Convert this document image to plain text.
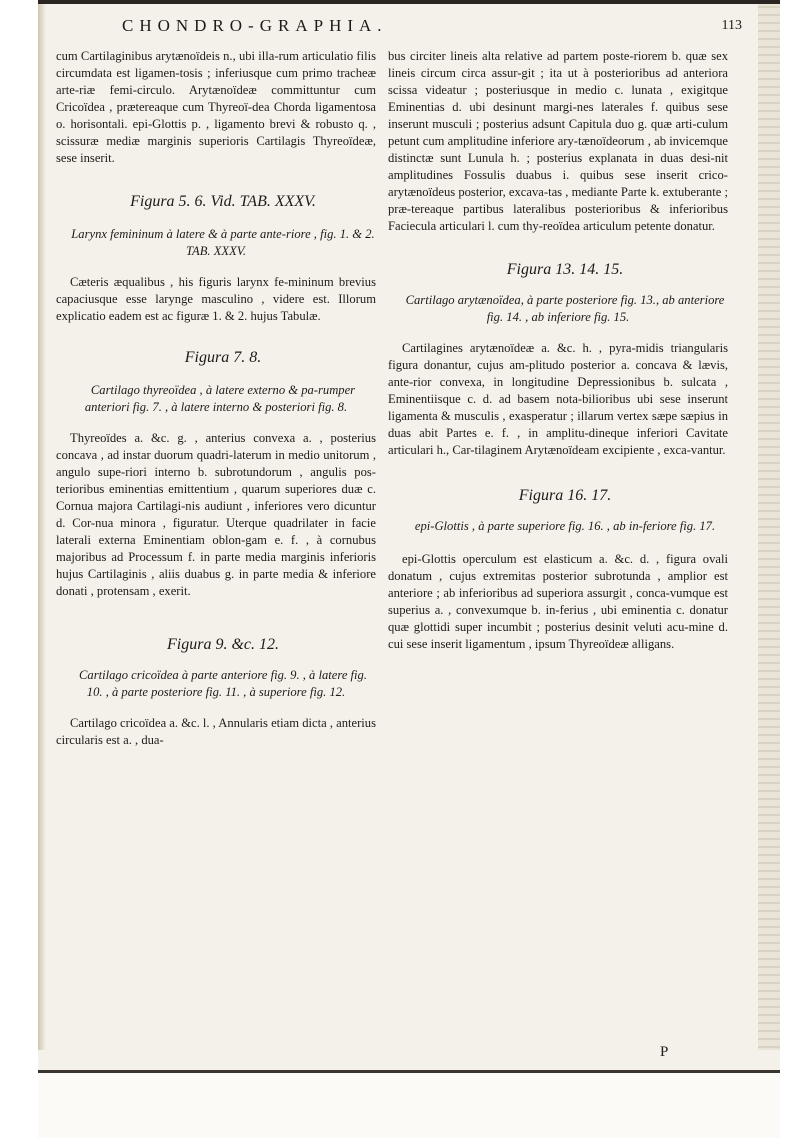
CHONDRO-GRAPHIA.	113

cum Cartilaginibus arytænoïdeis n., ubi illa-rum articulatio filis circumdata est ligamen-tosis ; inferiusque cum primo tracheæ arte-riæ femi-circulo. Arytænoïdeæ committuntur cum Cricoïdea , prætereaque cum Thyreoï-dea Chorda ligamentosa o. horisontali. epi-Glottis p. , ligamento brevi & robusto q. , scissuræ mediæ marginis superioris Cartilagis Thyreoïdeæ, sese inserit.

Figura 5. 6. Vid. TAB. XXXV.

Larynx femininum à latere & à parte ante-riore , fig. 1. & 2. TAB. XXXV.

Cæteris æqualibus , his figuris larynx fe-mininum brevius capaciusque esse larynge masculino , videre est. Illorum explicatio eadem est ac figuræ 1. & 2. hujus Tabulæ.

Figura 7. 8.

Cartilago thyreoïdea , à latere externo & pa-rumper anteriori fig. 7. , à latere interno & posteriori fig. 8.

Thyreoïdes a. &c. g. , anterius convexa a. , posterius concava , ad instar duorum quadri-laterum in medio unitorum , angulo supe-riori interno b. subrotundorum , angulis pos-terioribus eminentias emittentium , quarum superiores duæ c. Cornua majora Cartilagi-nis audiunt , inferiores vero dicuntur d. Cor-nua minora , figuratur. Uterque quadrilater in facie laterali externa Eminentiam oblon-gam e. f. , à cornubus majoribus ad Processum f. in parte media marginis inferioris hujus Cartilaginis , aliis duabus g. in parte media & inferiore donati , protensam , exerit.

Figura 9. &c. 12.

Cartilago cricoïdea à parte anteriore fig. 9. , à latere fig. 10. , à parte posteriore fig. 11. , à superiore fig. 12.

Cartilago cricoïdea a. &c. l. , Annularis etiam dicta , anterius circularis est a. , dua-

bus circiter lineis alta relative ad partem poste-riorem b. quæ sex lineis circum circa assur-git ; ita ut à posterioribus ad anteriora scissa videatur ; posteriusque in medio c. lunata , exigitque Eminentias d. ubi desinunt margi-nes laterales f. quibus sese inserunt musculi ; posterius adsunt Capitula duo g. quæ arti-culum petunt cum amplitudine inferiore ary-tænoïdeorum , ab invicemque distinctæ sunt Lunula h. ; posterius explanata in duas desi-nit amplitudines Fossulis duabus i. quibus sese inserit crico-arytænoïdeus posterior, excava-tas , mediante Parte k. extuberante ; præ-tereaque partibus lateralibus posterioribus & inferioribus Faciecula articulari l. cum thy-reoïdea articulum petente donatur.

Figura 13. 14. 15.

Cartilago arytænoïdea, à parte posteriore fig. 13., ab anteriore fig. 14. , ab inferiore fig. 15.

Cartilagines arytænoïdeæ a. &c. h. , pyra-midis triangularis figura donantur, cujus am-plitudo posterior a. concava & lævis, ante-rior convexa, in longitudine Depressionibus b. sulcata , Eminentiisque c. d. ad basem nota-bilioribus ubi sese inserunt ligamenta & musculis , exasperatur ; illarum vertex sæpe sæpius in duas abit Partes e. f. , in amplitu-dineque inferiori Cavitate articulari h., Car-tilaginem Arytænoïdeam excipiente , exca-vantur.

Figura 16. 17.

epi-Glottis , à parte superiore fig. 16. , ab in-feriore fig. 17.

epi-Glottis operculum est elasticum a. &c. d. , figura ovali donatum , cujus extremitas posterior subrotunda , amplior est anteriore ; ab inferioribus ad superiora assurgit , conca-vumque est superius a. , convexumque b. in-ferius , ubi eminentia c. donatur quæ glottidi super incumbit ; posterius desinit veluti acu-mine d. cui sese inserit ligamentum , ipsum Thyreoïdeæ alligans.

P
